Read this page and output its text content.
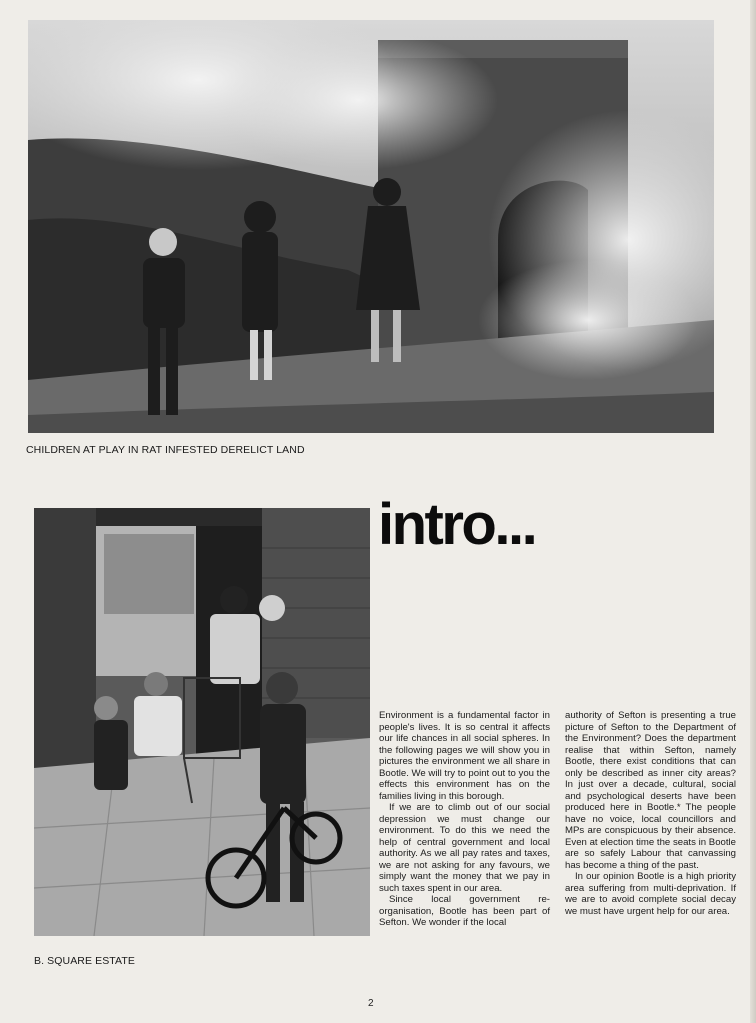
CHILDREN AT PLAY IN RAT INFESTED DERELICT LAND
B. SQUARE ESTATE
intro...

Environment is a fundamental factor in people's lives. It is so central it affects our life chances in all social spheres. In the following pages we will show you in pictures the environment we all share in Bootle. We will try to point out to you the effects this environment has on the families living in this borough.

If we are to climb out of our social depression we must change our environment. To do this we need the help of central government and local authority. As we all pay rates and taxes, we are not asking for any favours, we simply want the money that we pay in such taxes spent in our area.

Since local government re-organisation, Bootle has been part of Sefton. We wonder if the local

authority of Sefton is presenting a true picture of Sefton to the Department of the Environment? Does the department realise that within Sefton, namely Bootle, there exist conditions that can only be described as inner city areas? In just over a decade, cultural, social and psychological deserts have been produced here in Bootle.* The people have no voice, local councillors and MPs are conspicuous by their absence. Even at election time the seats in Bootle are so safely Labour that canvassing has become a thing of the past.

In our opinion Bootle is a high priority area suffering from multi-deprivation. If we are to avoid complete social decay we must have urgent help for our area.

2
